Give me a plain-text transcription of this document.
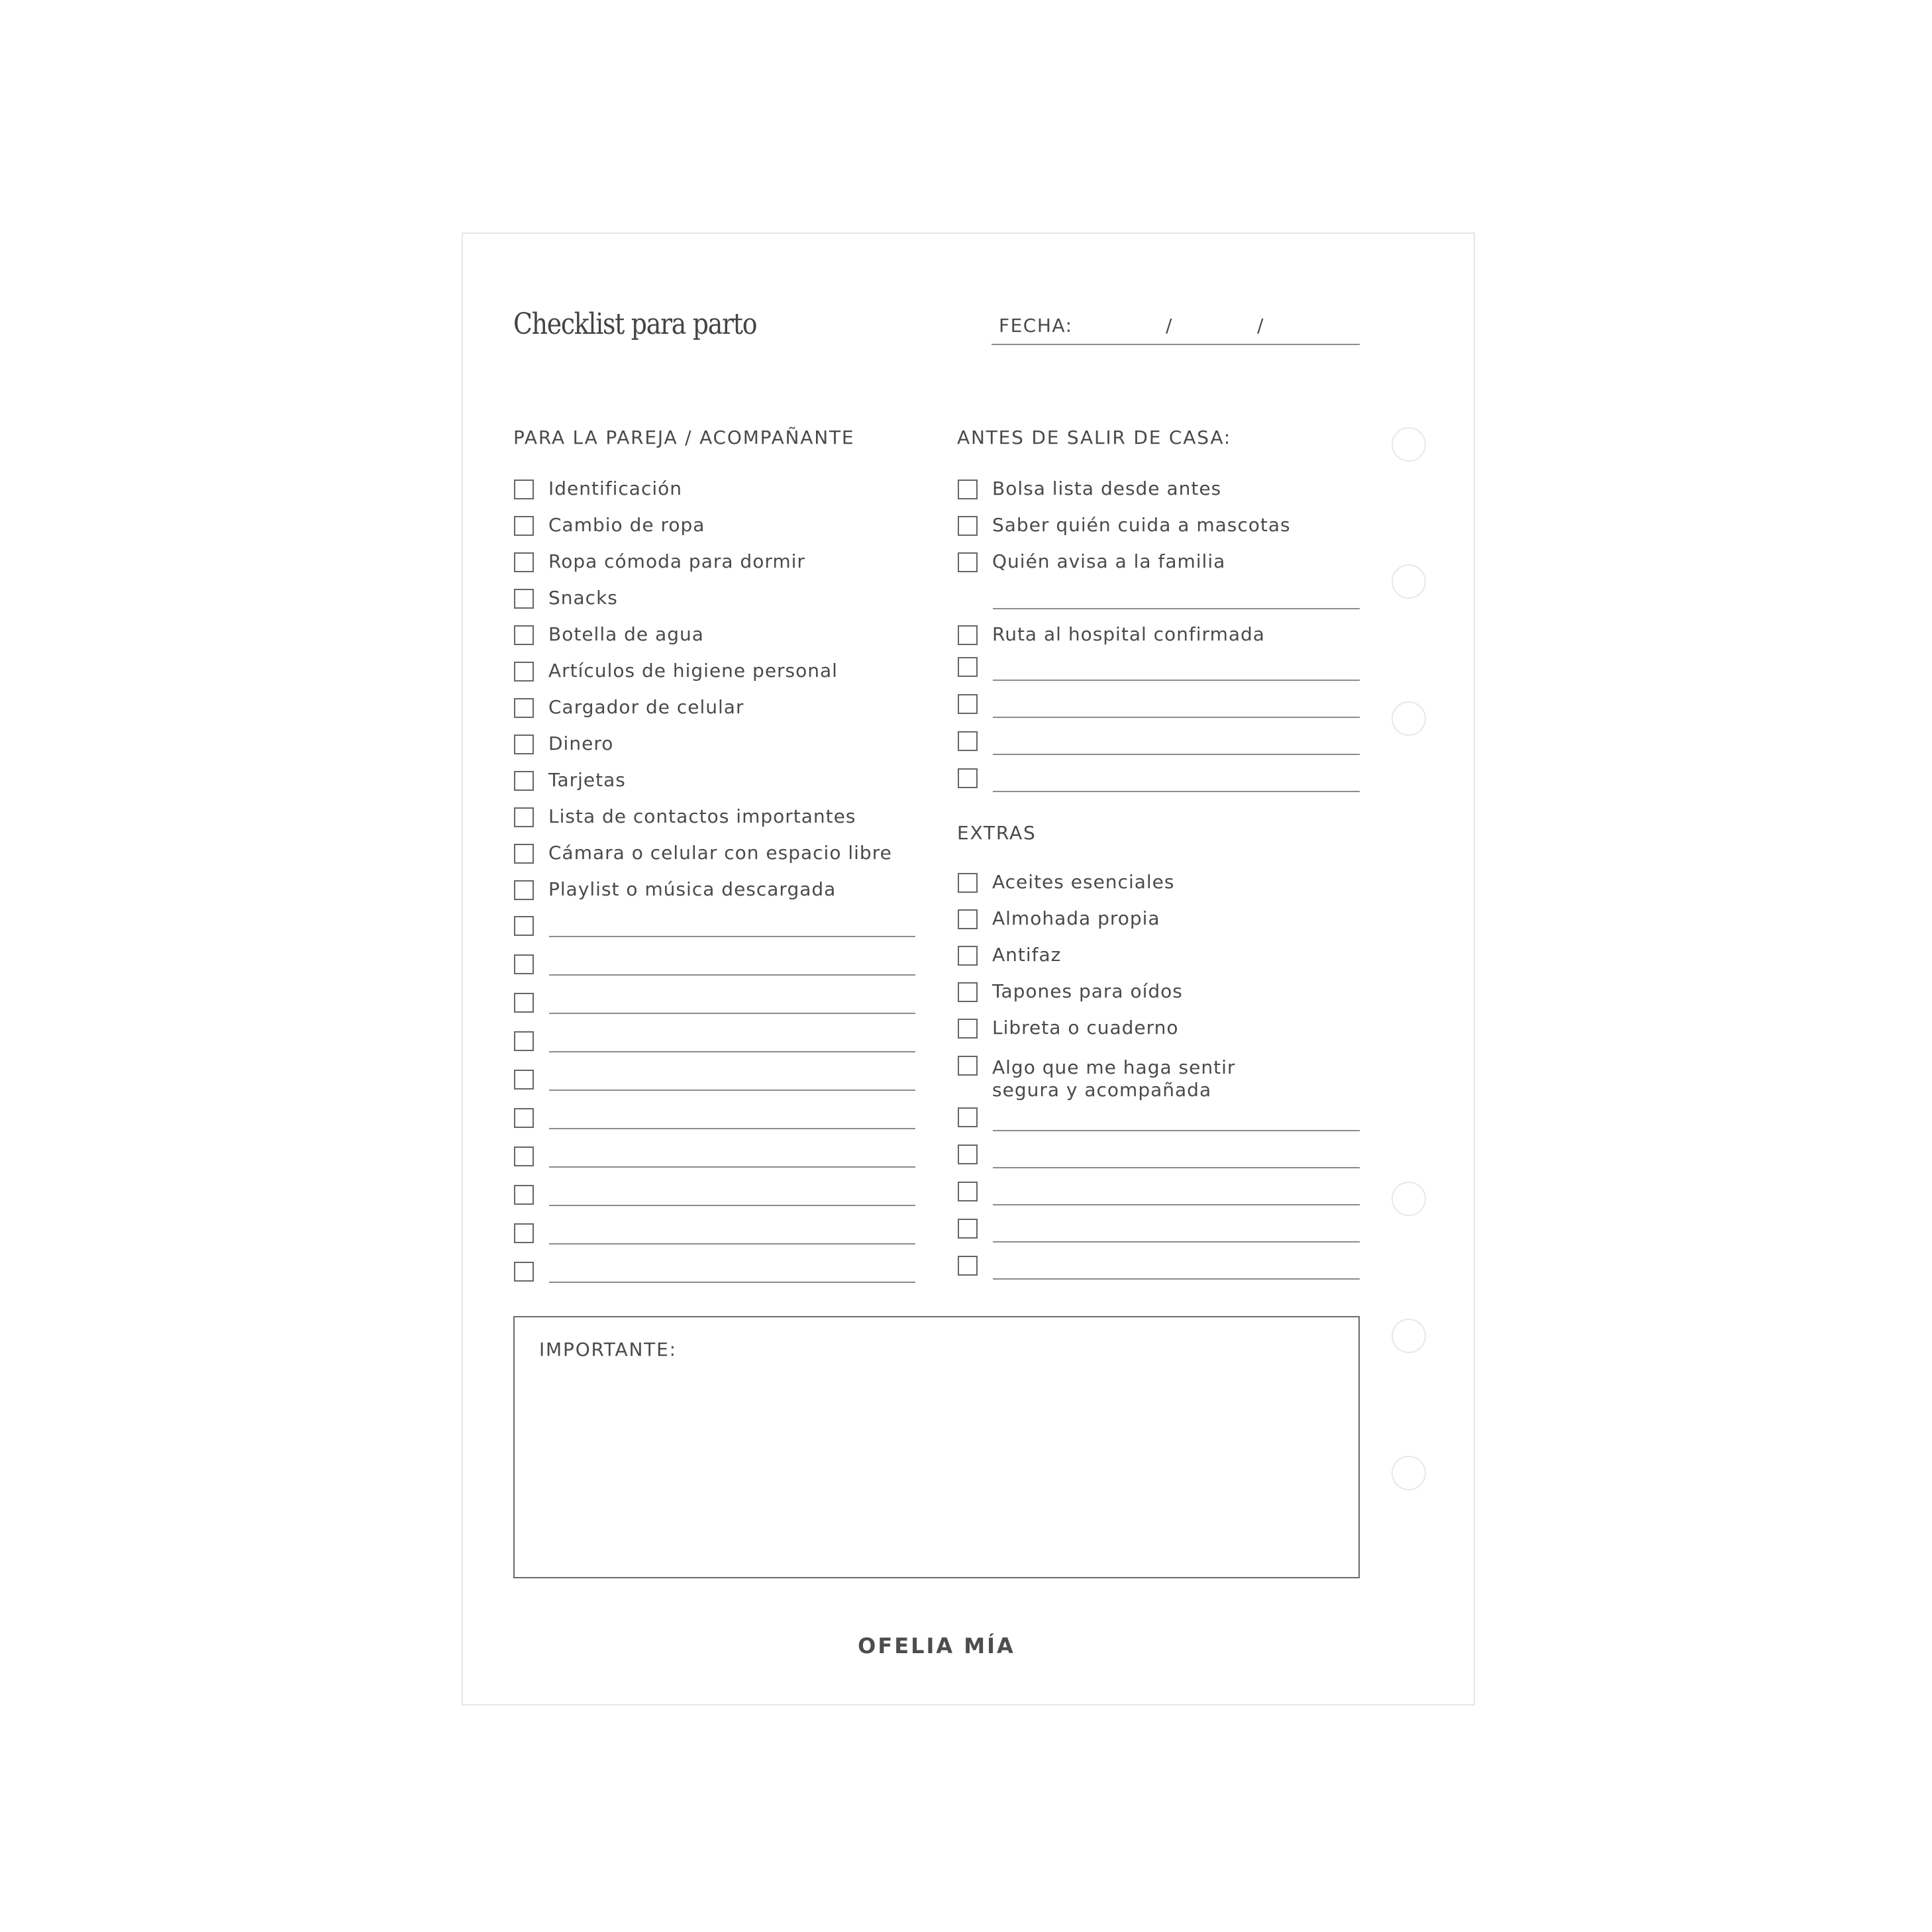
Checklist para parto	FECHA:	/	/
PARA LA PAREJA / ACOMPAÑANTE
Identificación
Cambio de ropa
Ropa cómoda para dormir
Snacks
Botella de agua
Artículos de higiene personal
Cargador de celular
Dinero
Tarjetas
Lista de contactos importantes
Cámara o celular con espacio libre
Playlist o música descargada
ANTES DE SALIR DE CASA:
Bolsa lista desde antes
Saber quién cuida a mascotas
Quién avisa a la familia
Ruta al hospital confirmada
EXTRAS
Aceites esenciales
Almohada propia
Antifaz
Tapones para oídos
Libreta o cuaderno
Algo que me haga sentir segura y acompañada
IMPORTANTE:
OFELIA MÍA
